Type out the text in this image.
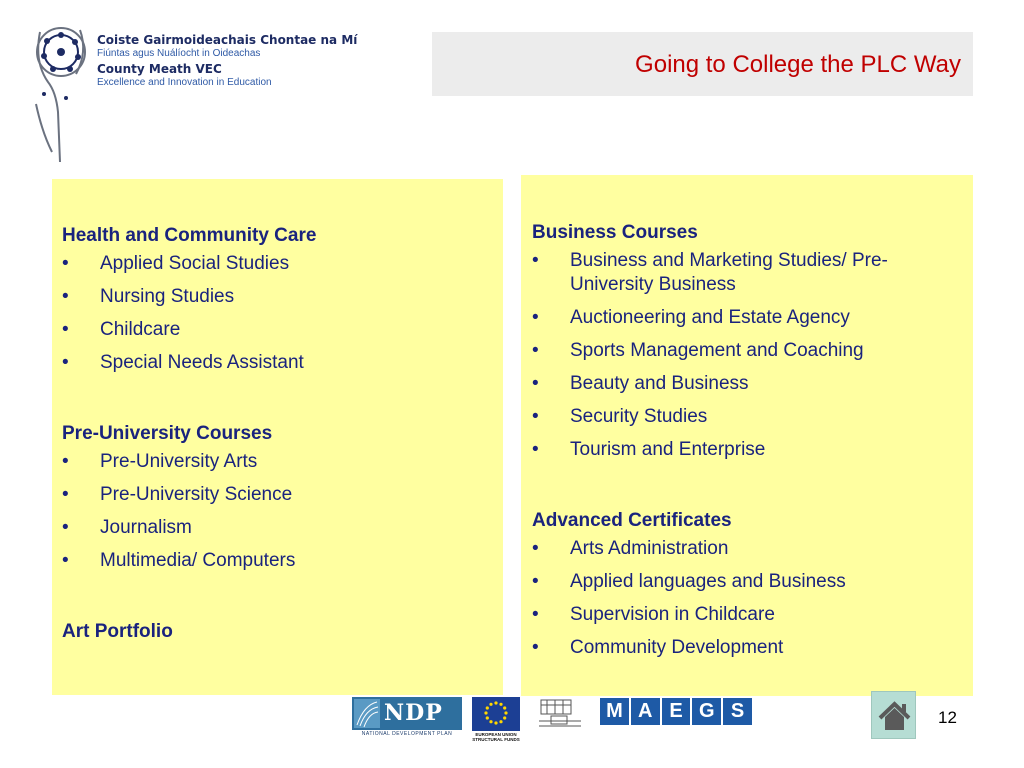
Coiste Gairmoideachais Chontae na Mí
Fiúntas agus Nuálíocht in Oideachas
County Meath VEC
Excellence and Innovation in Education
Going to College the PLC Way
Health and Community Care
• Applied Social Studies
• Nursing Studies
• Childcare
• Special Needs Assistant
Pre-University Courses
• Pre-University Arts
• Pre-University Science
• Journalism
• Multimedia/ Computers
Art Portfolio
Business Courses
• Business and Marketing Studies/ Pre-University Business
• Auctioneering and Estate Agency
• Sports Management and Coaching
• Beauty and Business
• Security Studies
• Tourism and Enterprise
Advanced Certificates
• Arts Administration
• Applied languages and Business
• Supervision in Childcare
• Community Development
NDP
NATIONAL DEVELOPMENT PLAN	EUROPEAN UNION STRUCTURAL FUNDS
M A E G S	12
